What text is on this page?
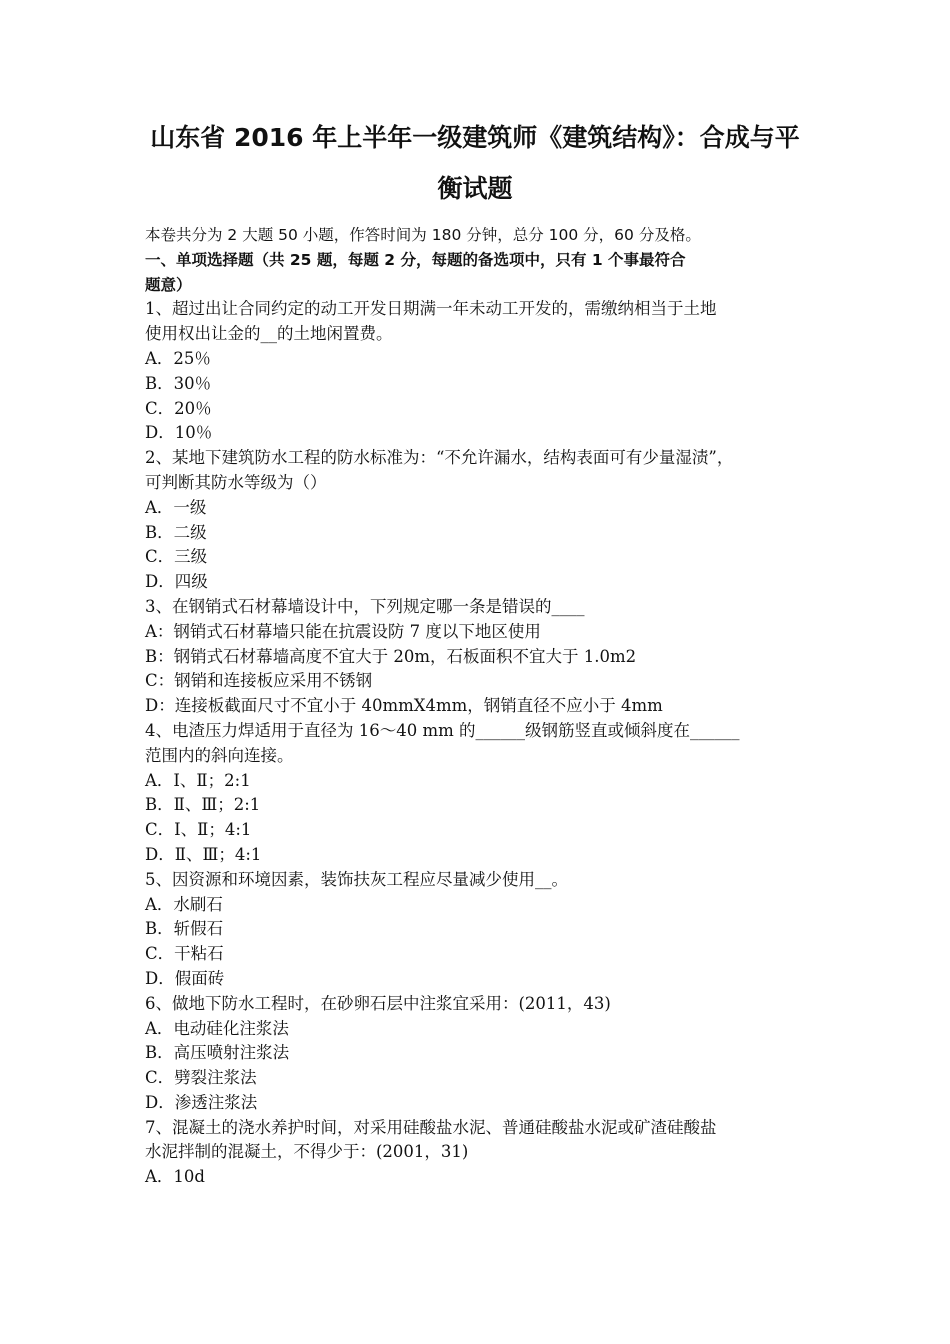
山东省 2016 年上半年一级建筑师《建筑结构》：合成与平
衡试题
本卷共分为 2 大题 50 小题，作答时间为 180 分钟，总分 100 分，60 分及格。
一、单项选择题（共 25 题，每题 2 分，每题的备选项中，只有 1 个事最符合
题意）
1、超过出让合同约定的动工开发日期满一年未动工开发的，需缴纳相当于土地
使用权出让金的__的土地闲置费。
A．25％
B．30％
C．20％
D．10％
2、某地下建筑防水工程的防水标准为：“不允许漏水，结构表面可有少量湿渍”，
可判断其防水等级为（）
A．一级
B．二级
C．三级
D．四级
3、在钢销式石材幕墙设计中，下列规定哪一条是错误的____
A：钢销式石材幕墙只能在抗震设防 7 度以下地区使用
B：钢销式石材幕墙高度不宜大于 20m，石板面积不宜大于 1.0m2
C：钢销和连接板应采用不锈钢
D：连接板截面尺寸不宜小于 40mmX4mm，钢销直径不应小于 4mm
4、电渣压力焊适用于直径为 16～40 mm 的______级钢筋竖直或倾斜度在______
范围内的斜向连接。
A．Ⅰ、Ⅱ；2:1
B．Ⅱ、Ⅲ；2:1
C．Ⅰ、Ⅱ；4:1
D．Ⅱ、Ⅲ；4:1
5、因资源和环境因素，装饰扶灰工程应尽量减少使用__。
A．水刷石
B．斩假石
C．干粘石
D．假面砖
6、做地下防水工程时，在砂卵石层中注浆宜采用：(2011，43)
A．电动硅化注浆法
B．高压喷射注浆法
C．劈裂注浆法
D．渗透注浆法
7、混凝土的浇水养护时间，对采用硅酸盐水泥、普通硅酸盐水泥或矿渣硅酸盐
水泥拌制的混凝土，不得少于：(2001，31)
A．10d
